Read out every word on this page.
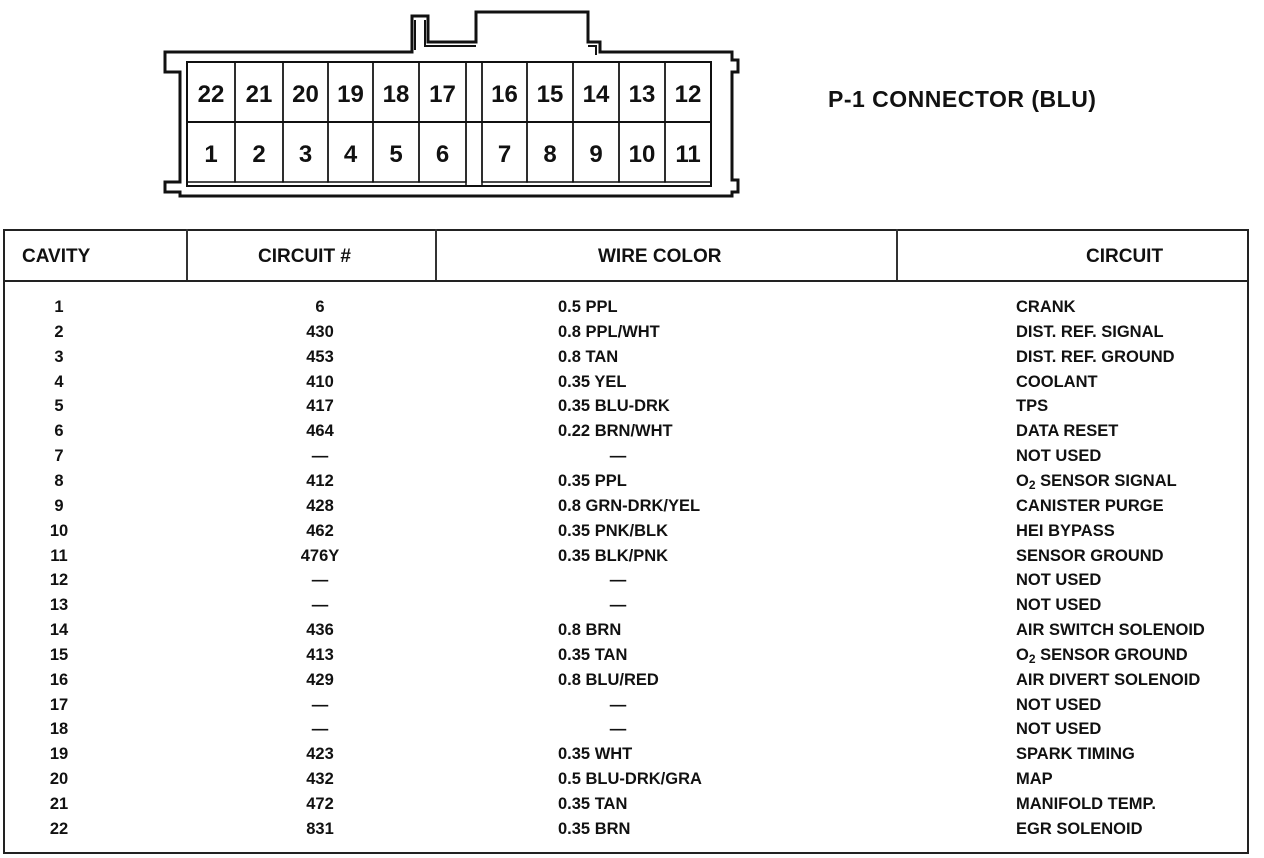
22
1
21
2
20
3
19
4
18
5
17
6
16
7
15
8
14
9
13
10
12
11
P-1 CONNECTOR (BLU)
CAVITY	CIRCUIT #	WIRE COLOR	CIRCUIT
1	6	0.5 PPL	CRANK
2	430	0.8 PPL/WHT	DIST. REF. SIGNAL
3	453	0.8 TAN	DIST. REF. GROUND
4	410	0.35 YEL	COOLANT
5	417	0.35 BLU-DRK	TPS
6	464	0.22 BRN/WHT	DATA RESET
7	—	—	NOT USED
8	412	0.35 PPL	$O_2$ SENSOR SIGNAL
9	428	0.8 GRN-DRK/YEL	CANISTER PURGE
10	462	0.35 PNK/BLK	HEI BYPASS
11	476Y	0.35 BLK/PNK	SENSOR GROUND
12	—	—	NOT USED
13	—	—	NOT USED
14	436	0.8 BRN	AIR SWITCH SOLENOID
15	413	0.35 TAN	$O_2$ SENSOR GROUND
16	429	0.8 BLU/RED	AIR DIVERT SOLENOID
17	—	—	NOT USED
18	—	—	NOT USED
19	423	0.35 WHT	SPARK TIMING
20	432	0.5 BLU-DRK/GRA	MAP
21	472	0.35 TAN	MANIFOLD TEMP.
22	831	0.35 BRN	EGR SOLENOID
